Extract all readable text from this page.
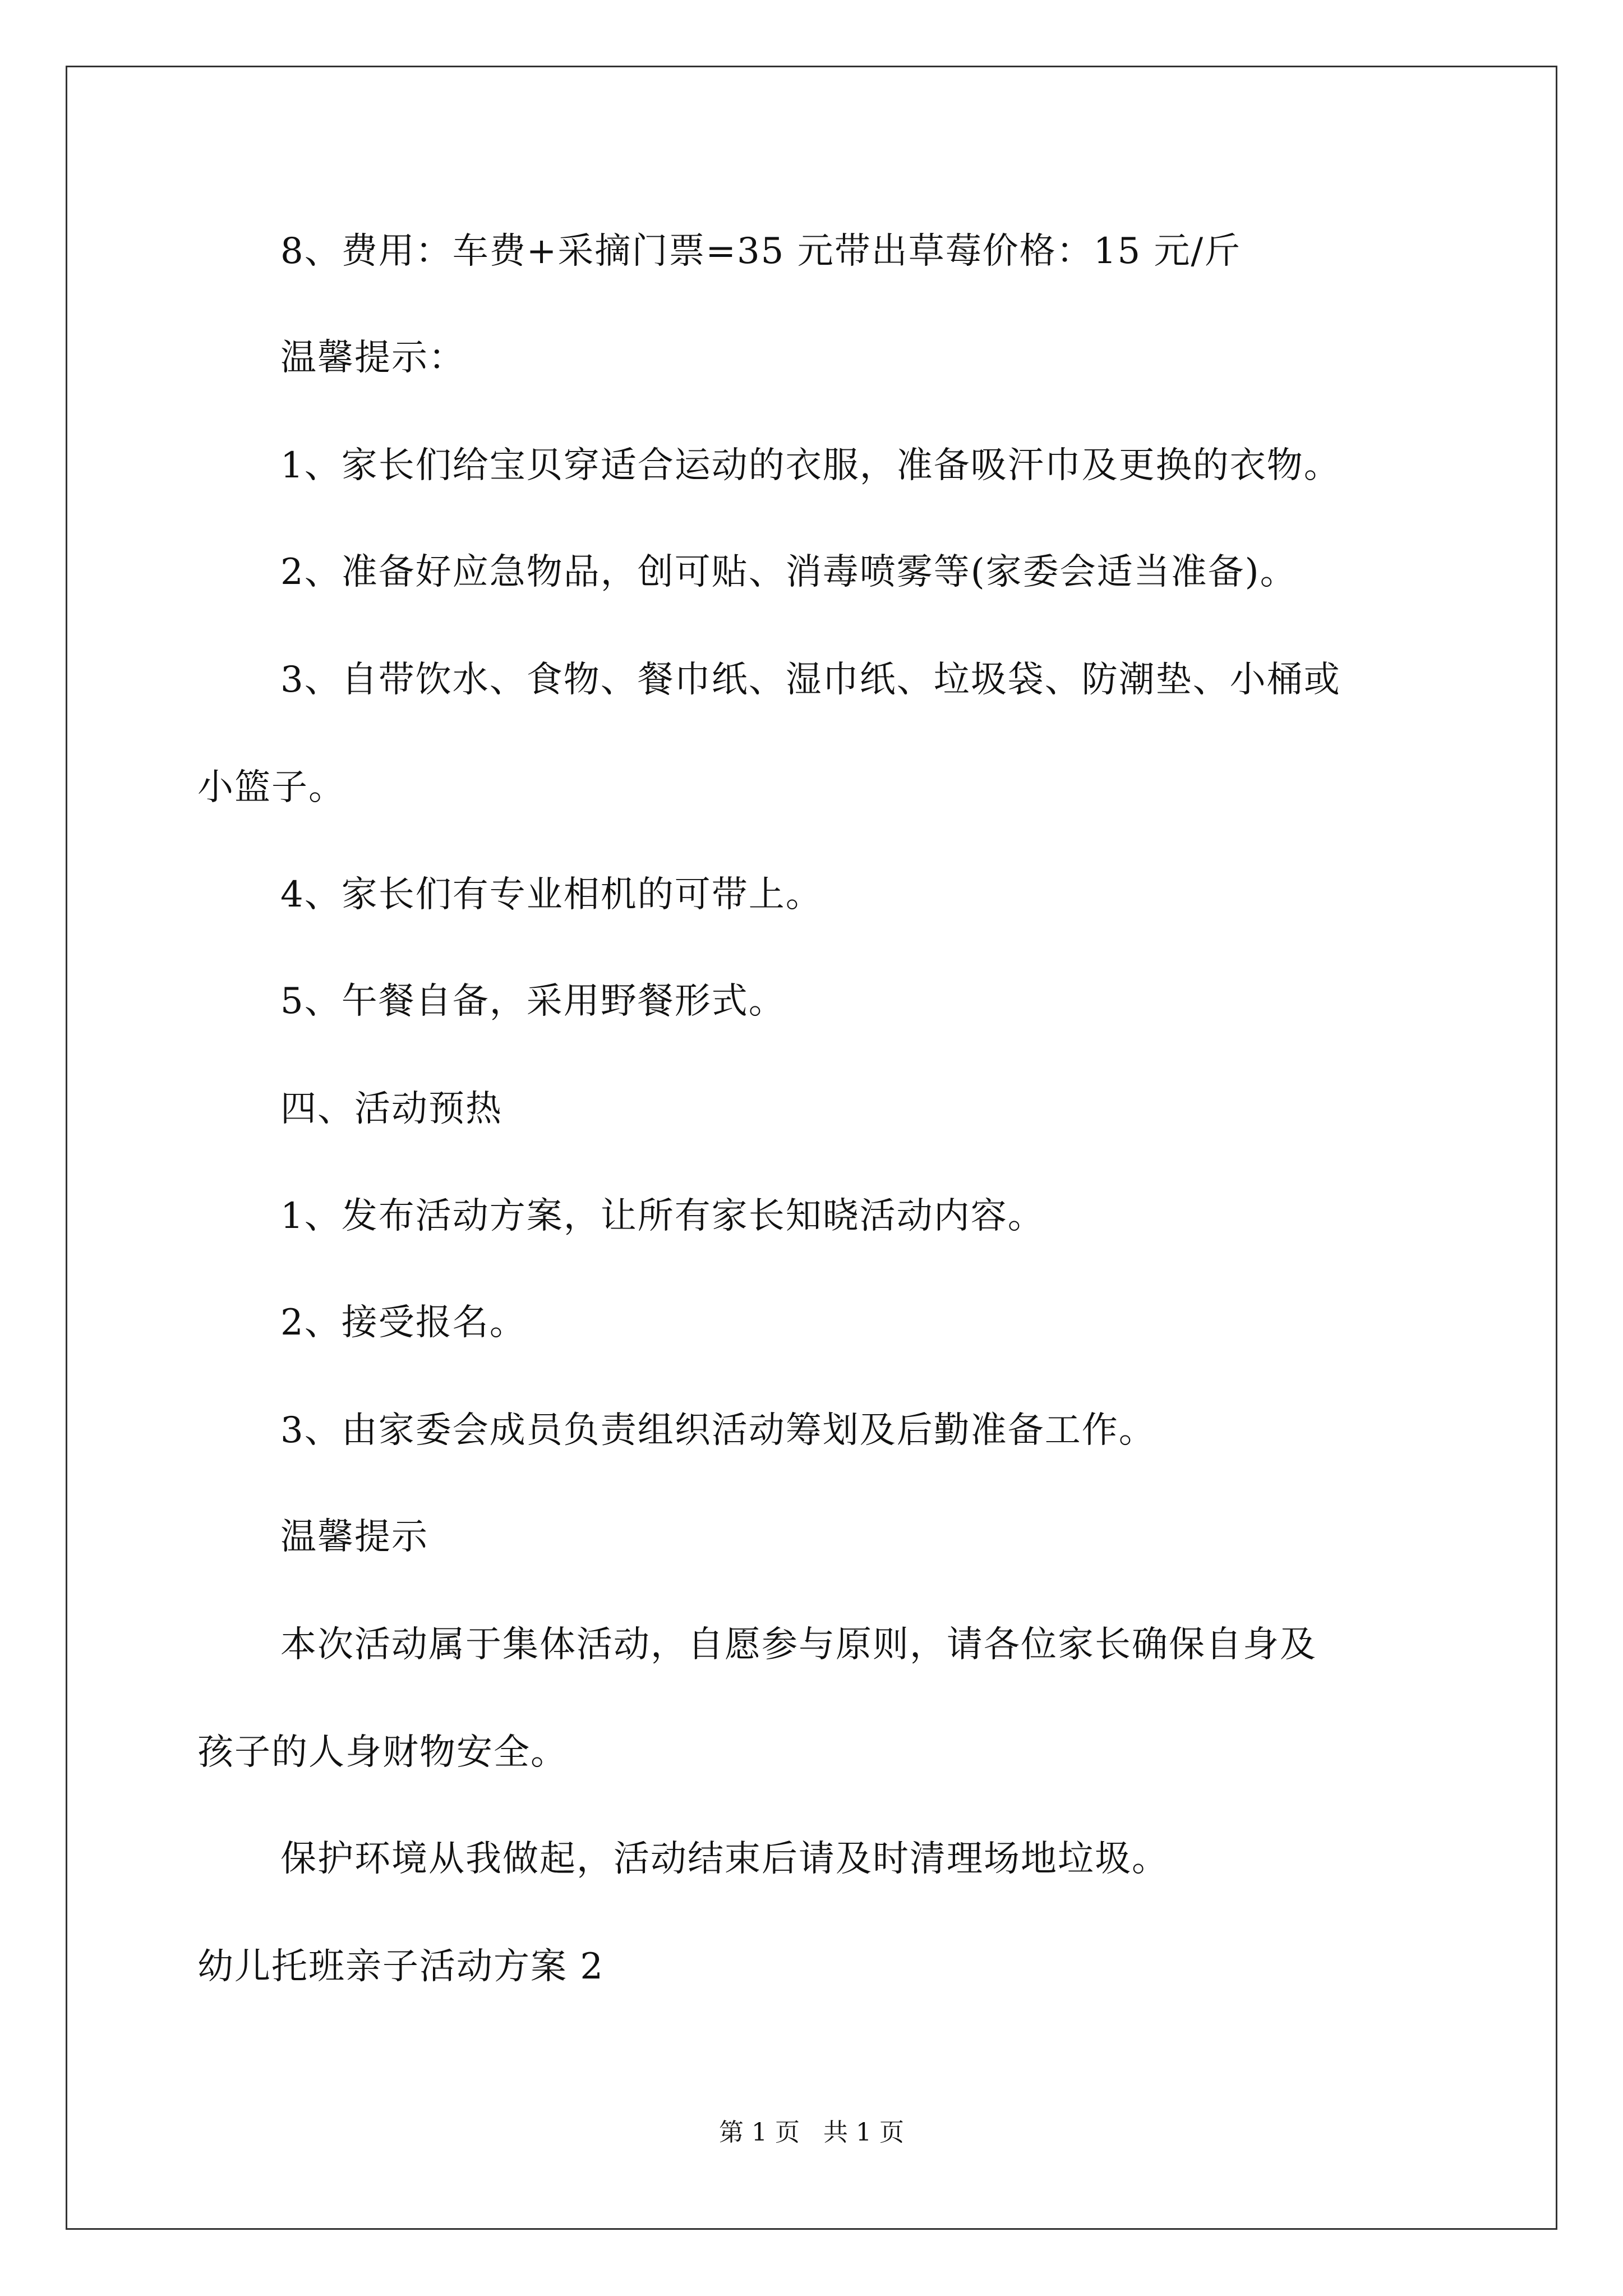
8、费用：车费+采摘门票=35 元带出草莓价格：15 元/斤
温馨提示：
1、家长们给宝贝穿适合运动的衣服，准备吸汗巾及更换的衣物。
2、准备好应急物品，创可贴、消毒喷雾等(家委会适当准备)。
3、自带饮水、食物、餐巾纸、湿巾纸、垃圾袋、防潮垫、小桶或
小篮子。
4、家长们有专业相机的可带上。
5、午餐自备，采用野餐形式。
四、活动预热
1、发布活动方案，让所有家长知晓活动内容。
2、接受报名。
3、由家委会成员负责组织活动筹划及后勤准备工作。
温馨提示
本次活动属于集体活动，自愿参与原则，请各位家长确保自身及
孩子的人身财物安全。
保护环境从我做起，活动结束后请及时清理场地垃圾。
幼儿托班亲子活动方案 2
第 1 页   共 1 页
